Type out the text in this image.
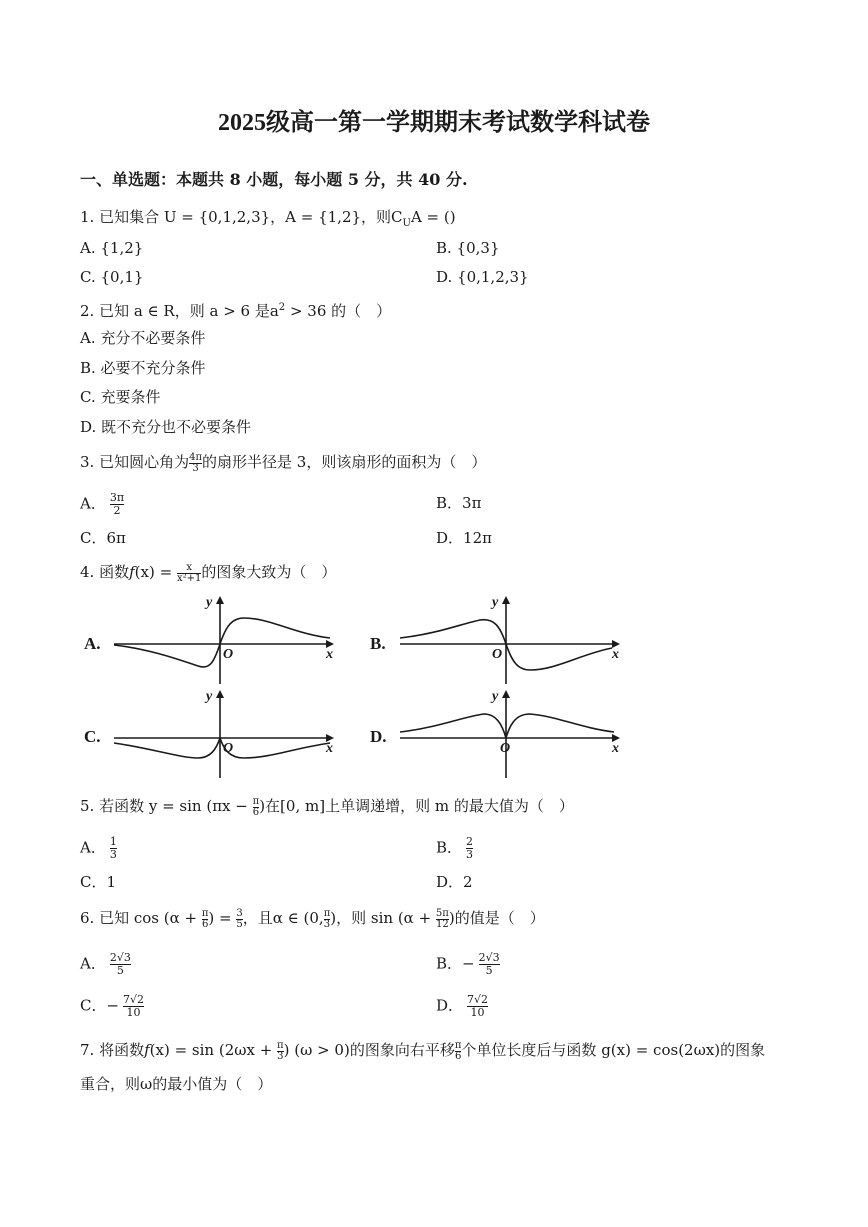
2025级高一第一学期期末考试数学科试卷
一、单选题：本题共 8 小题，每小题 5 分，共 40 分.
1. 已知集合 U = {0,1,2,3}，A = {1,2}，则$C_UA$ = ()
A. {1,2}	B. {0,3}
C. {0,1}	D. {0,1,2,3}
2. 已知 a ∈ R，则 a > 6 是$a^2 > 36$ 的（　）
A. 充分不必要条件
B. 必要不充分条件
C. 充要条件
D. 既不充分也不必要条件
3. 已知圆心角为 $\frac{4\pi}{3}$ 的扇形半径是 3，则该扇形的面积为（　）
A． $\frac{3\pi}{2}$	B．3π
C．6π	D．12π
4. 函数$f(x) = \frac{x}{\text{x²+1}}$ 的图象大致为（　）
A.	B.
C.	D.
y
x
O
y
x
O
y
x
O
y
x
O
5. 若函数 $y = \sin (\pi x - \frac{\pi}{6}$ )在[0, m]上单调递增，则 m 的最大值为（　）
A． $\frac{1}{3}$	B． $\frac{2}{3}$
C．1	D．2
6. 已知 $\cos (\alpha + \frac{\pi}{6}$ ) = $\frac{3}{5}$ ，且α ∈ (0, $\frac{\pi}{3}$ )，则 $\sin (\alpha + \frac{5\pi}{12}$ )的值是（　）
A． $\frac{2√3}{5}$	B．− $\frac{2√3}{5}$
C．− $\frac{7√2}{10}$	D． $\frac{7√2}{10}$
7. 将函数$f(x) = \sin (2\omega x + \frac{\pi}{3}$ ) (ω > 0)的图象向右平移 $\frac{\pi}{6}$ 个单位长度后与函数 g(x) = cos(2ωx)的图象
重合，则ω的最小值为（　）
